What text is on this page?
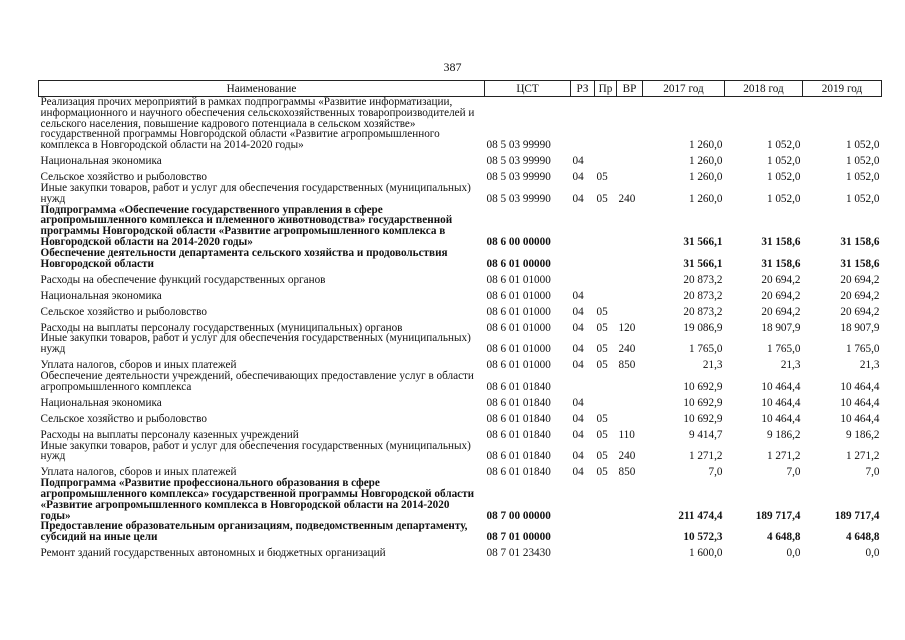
387
Наименование	ЦСТ	РЗ	Пр	ВР	2017 год	2018 год	2019 год
Реализация прочих мероприятий в рамках подпрограммы «Развитие информатизации, информационного и научного обеспечения сельскохозяйственных товаропроизводителей и сельского населения, повышение кадрового потенциала в сельском хозяйстве» государственной программы Новгородской области «Развитие агропромышленного комплекса в Новгородской области на 2014-2020 годы»	08 5 03 99990				1 260,0	1 052,0	1 052,0
Национальная экономика	08 5 03 99990	04			1 260,0	1 052,0	1 052,0
Сельское хозяйство и рыболовство	08 5 03 99990	04	05		1 260,0	1 052,0	1 052,0
Иные закупки товаров, работ и услуг для обеспечения государственных (муниципальных) нужд	08 5 03 99990	04	05	240	1 260,0	1 052,0	1 052,0
Подпрограмма «Обеспечение государственного управления в сфере агропромышленного комплекса и племенного животноводства» государственной программы Новгородской области «Развитие агропромышленного комплекса в Новгородской области на 2014-2020 годы»	08 6 00 00000				31 566,1	31 158,6	31 158,6
Обеспечение деятельности департамента сельского хозяйства и продовольствия Новгородской области	08 6 01 00000				31 566,1	31 158,6	31 158,6
Расходы на обеспечение функций государственных органов	08 6 01 01000				20 873,2	20 694,2	20 694,2
Национальная экономика	08 6 01 01000	04			20 873,2	20 694,2	20 694,2
Сельское хозяйство и рыболовство	08 6 01 01000	04	05		20 873,2	20 694,2	20 694,2
Расходы на выплаты персоналу государственных (муниципальных) органов	08 6 01 01000	04	05	120	19 086,9	18 907,9	18 907,9
Иные закупки товаров, работ и услуг для обеспечения государственных (муниципальных) нужд	08 6 01 01000	04	05	240	1 765,0	1 765,0	1 765,0
Уплата налогов, сборов и иных платежей	08 6 01 01000	04	05	850	21,3	21,3	21,3
Обеспечение деятельности учреждений, обеспечивающих предоставление услуг в области агропромышленного комплекса	08 6 01 01840				10 692,9	10 464,4	10 464,4
Национальная экономика	08 6 01 01840	04			10 692,9	10 464,4	10 464,4
Сельское хозяйство и рыболовство	08 6 01 01840	04	05		10 692,9	10 464,4	10 464,4
Расходы на выплаты персоналу казенных учреждений	08 6 01 01840	04	05	110	9 414,7	9 186,2	9 186,2
Иные закупки товаров, работ и услуг для обеспечения государственных (муниципальных) нужд	08 6 01 01840	04	05	240	1 271,2	1 271,2	1 271,2
Уплата налогов, сборов и иных платежей	08 6 01 01840	04	05	850	7,0	7,0	7,0
Подпрограмма «Развитие профессионального образования в сфере агропромышленного комплекса» государственной программы Новгородской области «Развитие агропромышленного комплекса в Новгородской области на 2014-2020 годы»	08 7 00 00000				211 474,4	189 717,4	189 717,4
Предоставление образовательным организациям, подведомственным департаменту, субсидий на иные цели	08 7 01 00000				10 572,3	4 648,8	4 648,8
Ремонт зданий государственных автономных и бюджетных организаций	08 7 01 23430				1 600,0	0,0	0,0
